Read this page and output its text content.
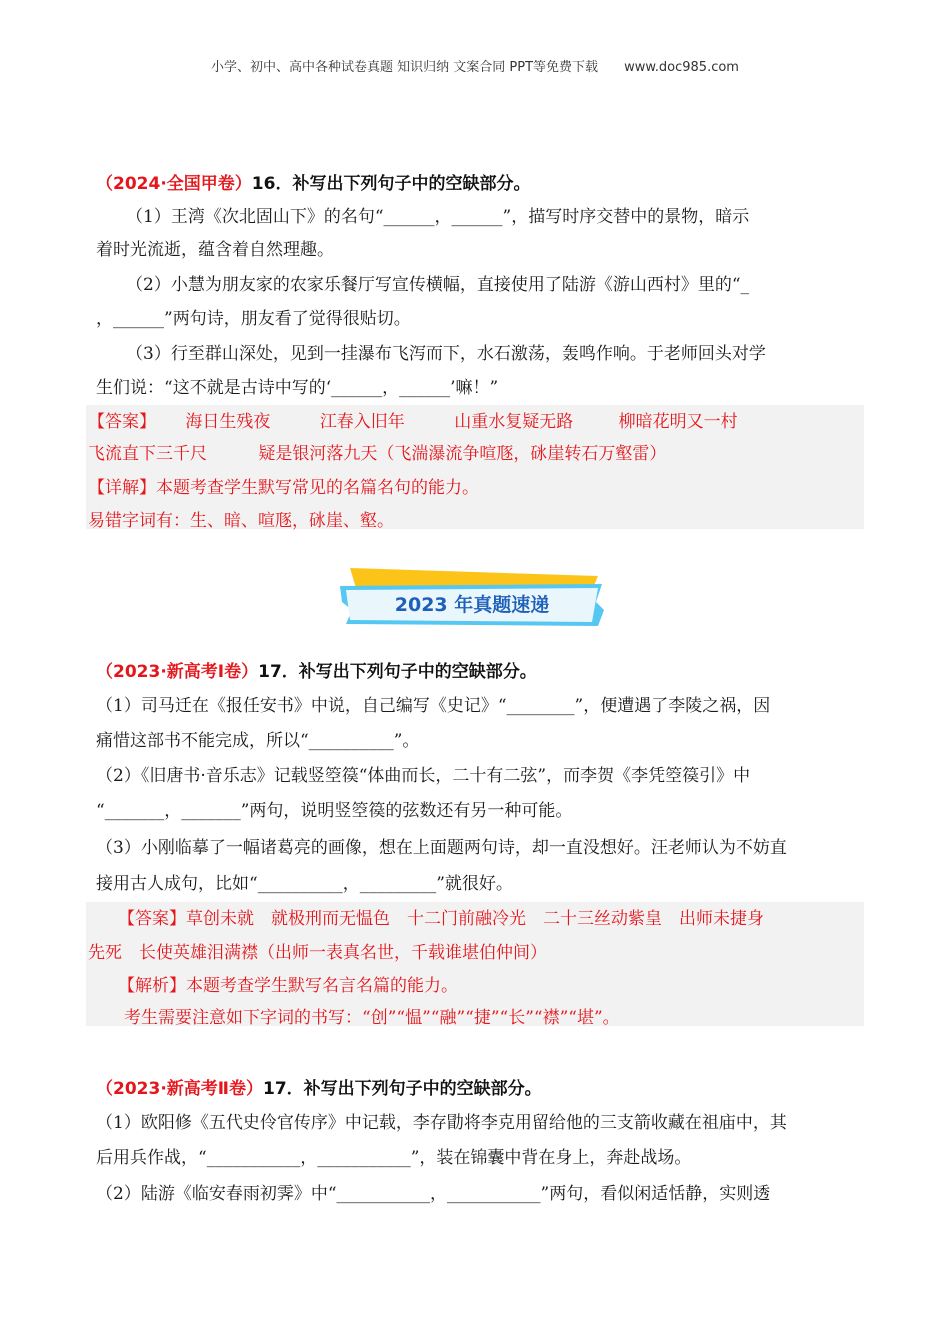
小学、初中、高中各种试卷真题 知识归纳 文案合同 PPT等免费下载 www.doc985.com
（2024·全国甲卷）16．补写出下列句子中的空缺部分。
（1）王湾《次北固山下》的名句“______，______”，描写时序交替中的景物，暗示
着时光流逝，蕴含着自然理趣。
（2）小慧为朋友家的农家乐餐厅写宣传横幅，直接使用了陆游《游山西村》里的“_
，______”两句诗，朋友看了觉得很贴切。
（3）行至群山深处，见到一挂瀑布飞泻而下，水石激荡，轰鸣作响。于老师回头对学
生们说：“这不就是古诗中写的‘______，______’嘛！”
【答案】 海日生残夜	江春入旧年	山重水复疑无路	柳暗花明又一村
飞流直下三千尺	疑是银河落九天（飞湍瀑流争喧豗，砯崖转石万壑雷）
【详解】本题考查学生默写常见的名篇名句的能力。
易错字词有：生、暗、喧豗，砯崖、壑。
2023 年真题速递
（2023·新高考Ⅰ卷）17．补写出下列句子中的空缺部分。
（1）司马迁在《报任安书》中说，自己编写《史记》“________”，便遭遇了李陵之祸，因
痛惜这部书不能完成，所以“__________”。
（2）《旧唐书·音乐志》记载竖箜篌“体曲而长，二十有二弦”，而李贺《李凭箜篌引》中
“_______，_______”两句，说明竖箜篌的弦数还有另一种可能。
（3）小刚临摹了一幅诸葛亮的画像，想在上面题两句诗，却一直没想好。汪老师认为不妨直
接用古人成句，比如“__________，_________”就很好。
【答案】草创未就　就极刑而无愠色　十二门前融冷光　二十三丝动紫皇　出师未捷身
先死　长使英雄泪满襟（出师一表真名世，千载谁堪伯仲间）
【解析】本题考查学生默写名言名篇的能力。
考生需要注意如下字词的书写：“创”“愠”“融”“捷”“长”“襟”“堪”。
（2023·新高考Ⅱ卷）17．补写出下列句子中的空缺部分。
（1）欧阳修《五代史伶官传序》中记载，李存勖将李克用留给他的三支箭收藏在祖庙中，其
后用兵作战，“___________，___________”，装在锦囊中背在身上，奔赴战场。
（2）陆游《临安春雨初霁》中“___________，___________”两句，看似闲适恬静，实则透
